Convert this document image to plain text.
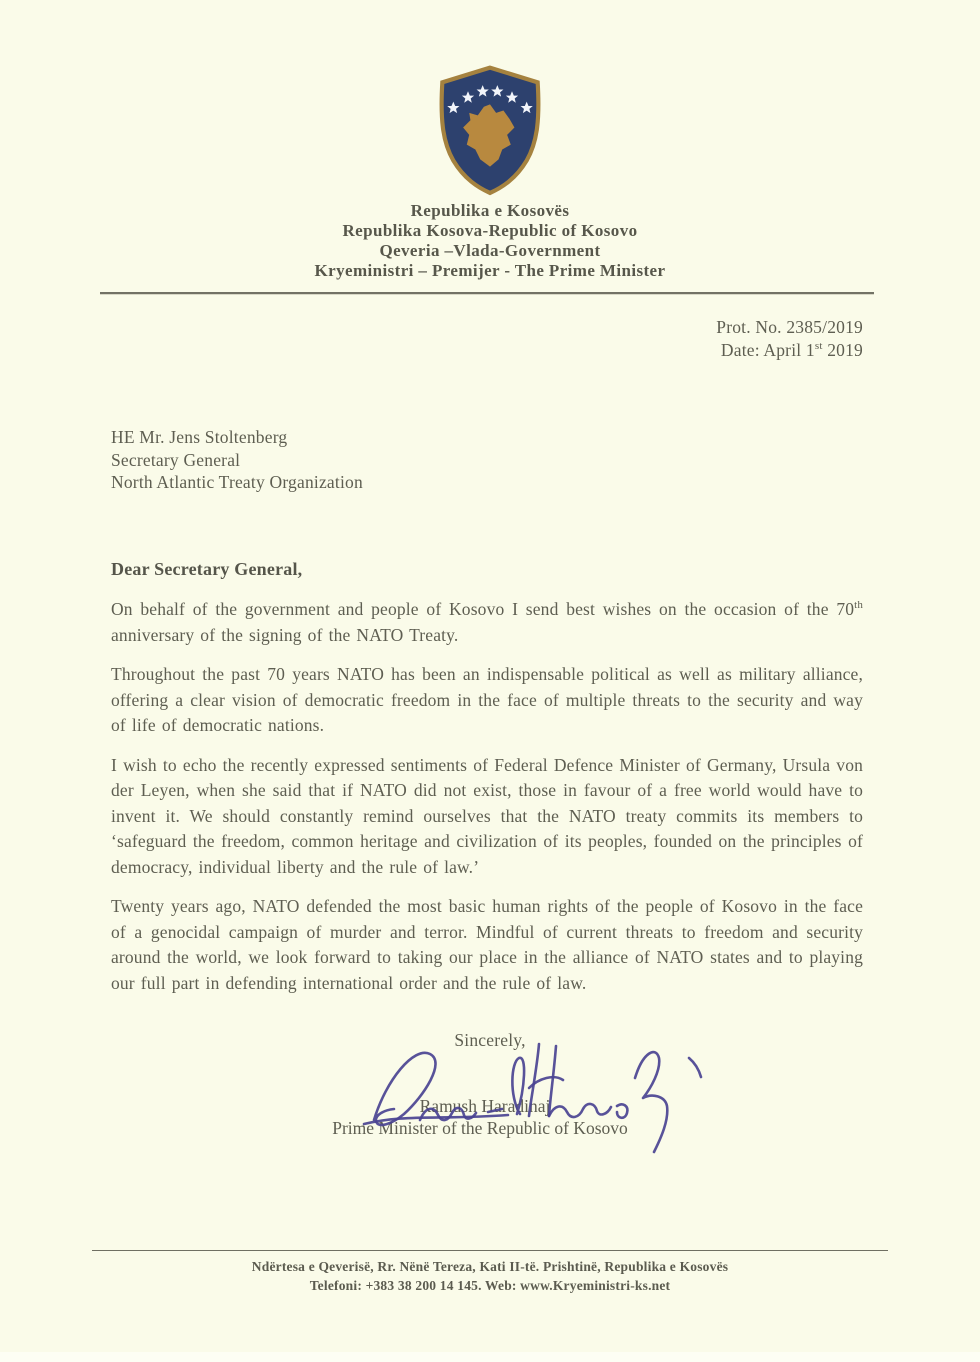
Republika e Kosovës
Republika Kosova-Republic of Kosovo
Qeveria –Vlada-Government
Kryeministri – Premijer - The Prime Minister
Prot. No. 2385/2019
Date: April 1st 2019
HE Mr. Jens Stoltenberg
Secretary General
North Atlantic Treaty Organization
Dear Secretary General,

On behalf of the government and people of Kosovo I send best wishes on the occasion of the 70th anniversary of the signing of the NATO Treaty.

Throughout the past 70 years NATO has been an indispensable political as well as military alliance, offering a clear vision of democratic freedom in the face of multiple threats to the security and way of life of democratic nations.

I wish to echo the recently expressed sentiments of Federal Defence Minister of Germany, Ursula von der Leyen, when she said that if NATO did not exist, those in favour of a free world would have to invent it. We should constantly remind ourselves that the NATO treaty commits its members to ‘safeguard the freedom, common heritage and civilization of its peoples, founded on the principles of democracy, individual liberty and the rule of law.’

Twenty years ago, NATO defended the most basic human rights of the people of Kosovo in the face of a genocidal campaign of murder and terror. Mindful of current threats to freedom and security around the world, we look forward to taking our place in the alliance of NATO states and to playing our full part in defending international order and the rule of law.

Sincerely,
Ramush Haradinaj
Prime Minister of the Republic of Kosovo
Ndërtesa e Qeverisë, Rr. Nënë Tereza, Kati II-të. Prishtinë, Republika e Kosovës
Telefoni: +383 38 200 14 145. Web: www.Kryeministri-ks.net
